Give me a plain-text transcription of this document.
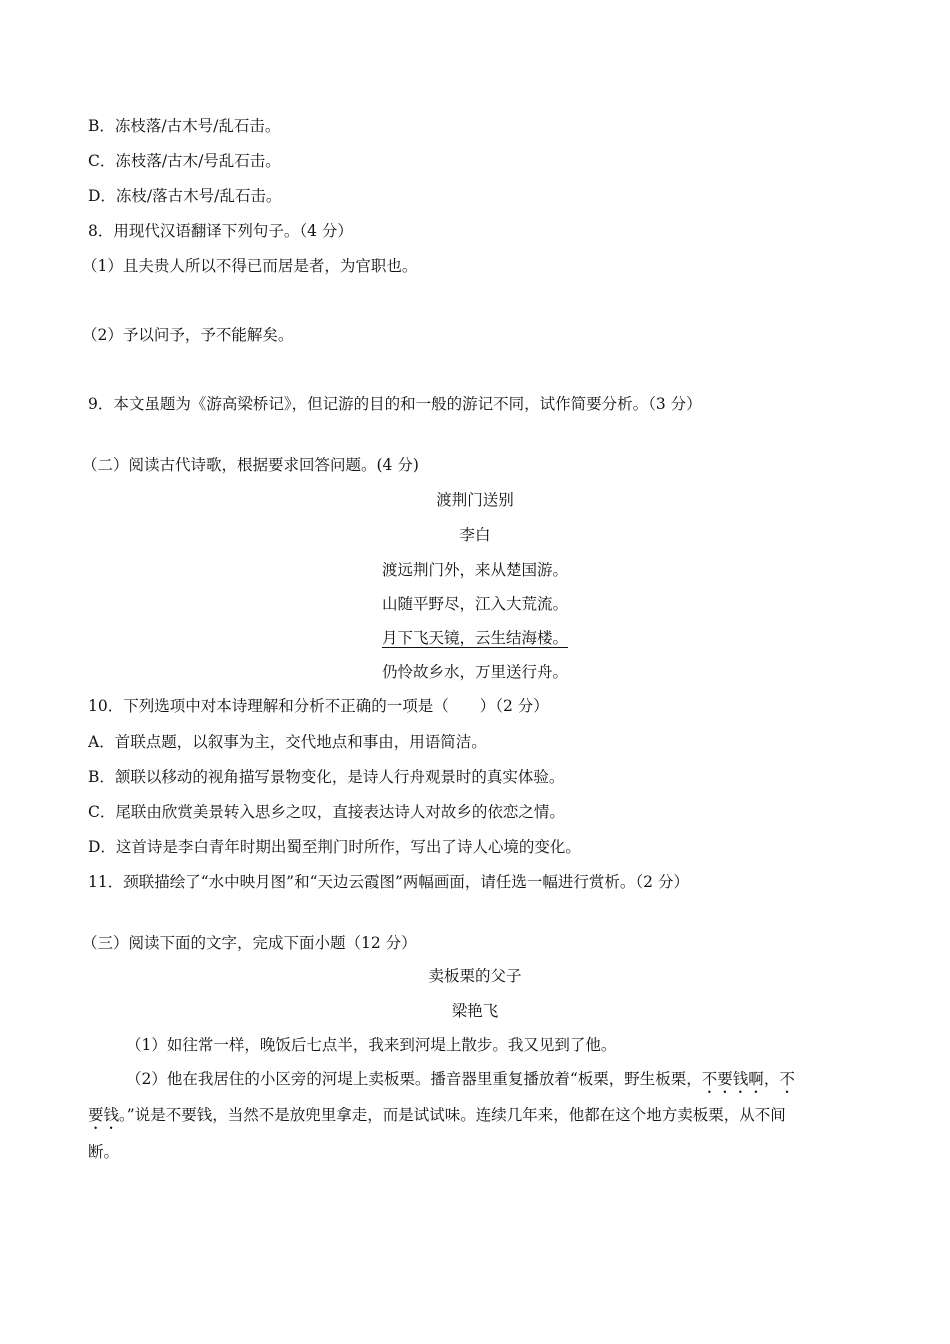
B．冻枝落/古木号/乱石击。
C．冻枝落/古木/号乱石击。
D．冻枝/落古木号/乱石击。
8．用现代汉语翻译下列句子。（4 分）
（1）且夫贵人所以不得已而居是者，为官职也。
（2）予以问予，予不能解矣。
9．本文虽题为《游高梁桥记》，但记游的目的和一般的游记不同，试作简要分析。（3 分）
（二）阅读古代诗歌，根据要求回答问题。(4 分)
渡荆门送别
李白
渡远荆门外，来从楚国游。
山随平野尽，江入大荒流。
月下飞天镜，云生结海楼。
仍怜故乡水，万里送行舟。
10．下列选项中对本诗理解和分析不正确的一项是（　　）（2 分）
A．首联点题，以叙事为主，交代地点和事由，用语简洁。
B．颔联以移动的视角描写景物变化，是诗人行舟观景时的真实体验。
C．尾联由欣赏美景转入思乡之叹，直接表达诗人对故乡的依恋之情。
D．这首诗是李白青年时期出蜀至荆门时所作，写出了诗人心境的变化。
11．颈联描绘了“水中映月图”和“天边云霞图”两幅画面，请任选一幅进行赏析。（2 分）
（三）阅读下面的文字，完成下面小题（12 分）
卖板栗的父子
梁艳飞
（1）如往常一样，晚饭后七点半，我来到河堤上散步。我又见到了他。
（2）他在我居住的小区旁的河堤上卖板栗。播音器里重复播放着“板栗，野生板栗，不要钱啊，不
要钱。”说是不要钱，当然不是放兜里拿走，而是试试味。连续几年来，他都在这个地方卖板栗，从不间
断。
